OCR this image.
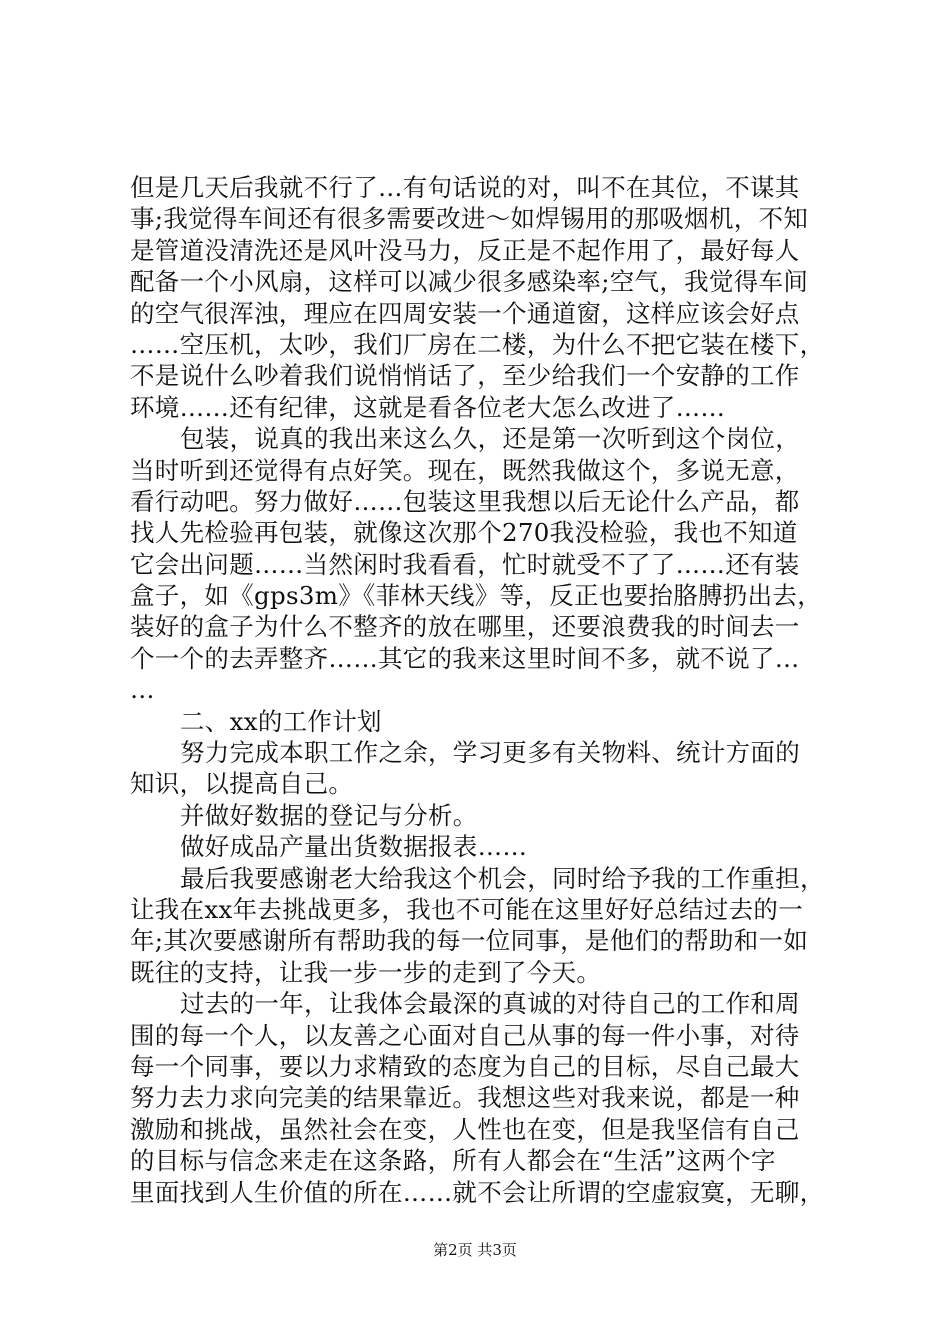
但是几天后我就不行了…有句话说的对，叫不在其位，不谋其
事;我觉得车间还有很多需要改进～如焊锡用的那吸烟机，不知
是管道没清洗还是风叶没马力，反正是不起作用了，最好每人
配备一个小风扇，这样可以减少很多感染率;空气，我觉得车间
的空气很浑浊，理应在四周安装一个通道窗，这样应该会好点
……空压机，太吵，我们厂房在二楼，为什么不把它装在楼下，
不是说什么吵着我们说悄悄话了，至少给我们一个安静的工作
环境……还有纪律，这就是看各位老大怎么改进了……
包装，说真的我出来这么久，还是第一次听到这个岗位，
当时听到还觉得有点好笑。现在，既然我做这个，多说无意，
看行动吧。努力做好……包装这里我想以后无论什么产品，都
找人先检验再包装，就像这次那个270我没检验，我也不知道
它会出问题……当然闲时我看看，忙时就受不了了……还有装
盒子，如《gps3m》《菲林天线》等，反正也要抬胳膊扔出去，
装好的盒子为什么不整齐的放在哪里，还要浪费我的时间去一
个一个的去弄整齐……其它的我来这里时间不多，就不说了…
…
二、xx的工作计划
努力完成本职工作之余，学习更多有关物料、统计方面的
知识，以提高自己。
并做好数据的登记与分析。
做好成品产量出货数据报表……
最后我要感谢老大给我这个机会，同时给予我的工作重担，
让我在xx年去挑战更多，我也不可能在这里好好总结过去的一
年;其次要感谢所有帮助我的每一位同事，是他们的帮助和一如
既往的支持，让我一步一步的走到了今天。
过去的一年，让我体会最深的真诚的对待自己的工作和周
围的每一个人，以友善之心面对自己从事的每一件小事，对待
每一个同事，要以力求精致的态度为自己的目标，尽自己最大
努力去力求向完美的结果靠近。我想这些对我来说，都是一种
激励和挑战，虽然社会在变，人性也在变，但是我坚信有自己
的目标与信念来走在这条路，所有人都会在“生活”这两个字
里面找到人生价值的所在……就不会让所谓的空虚寂寞，无聊，
第2页 共3页
